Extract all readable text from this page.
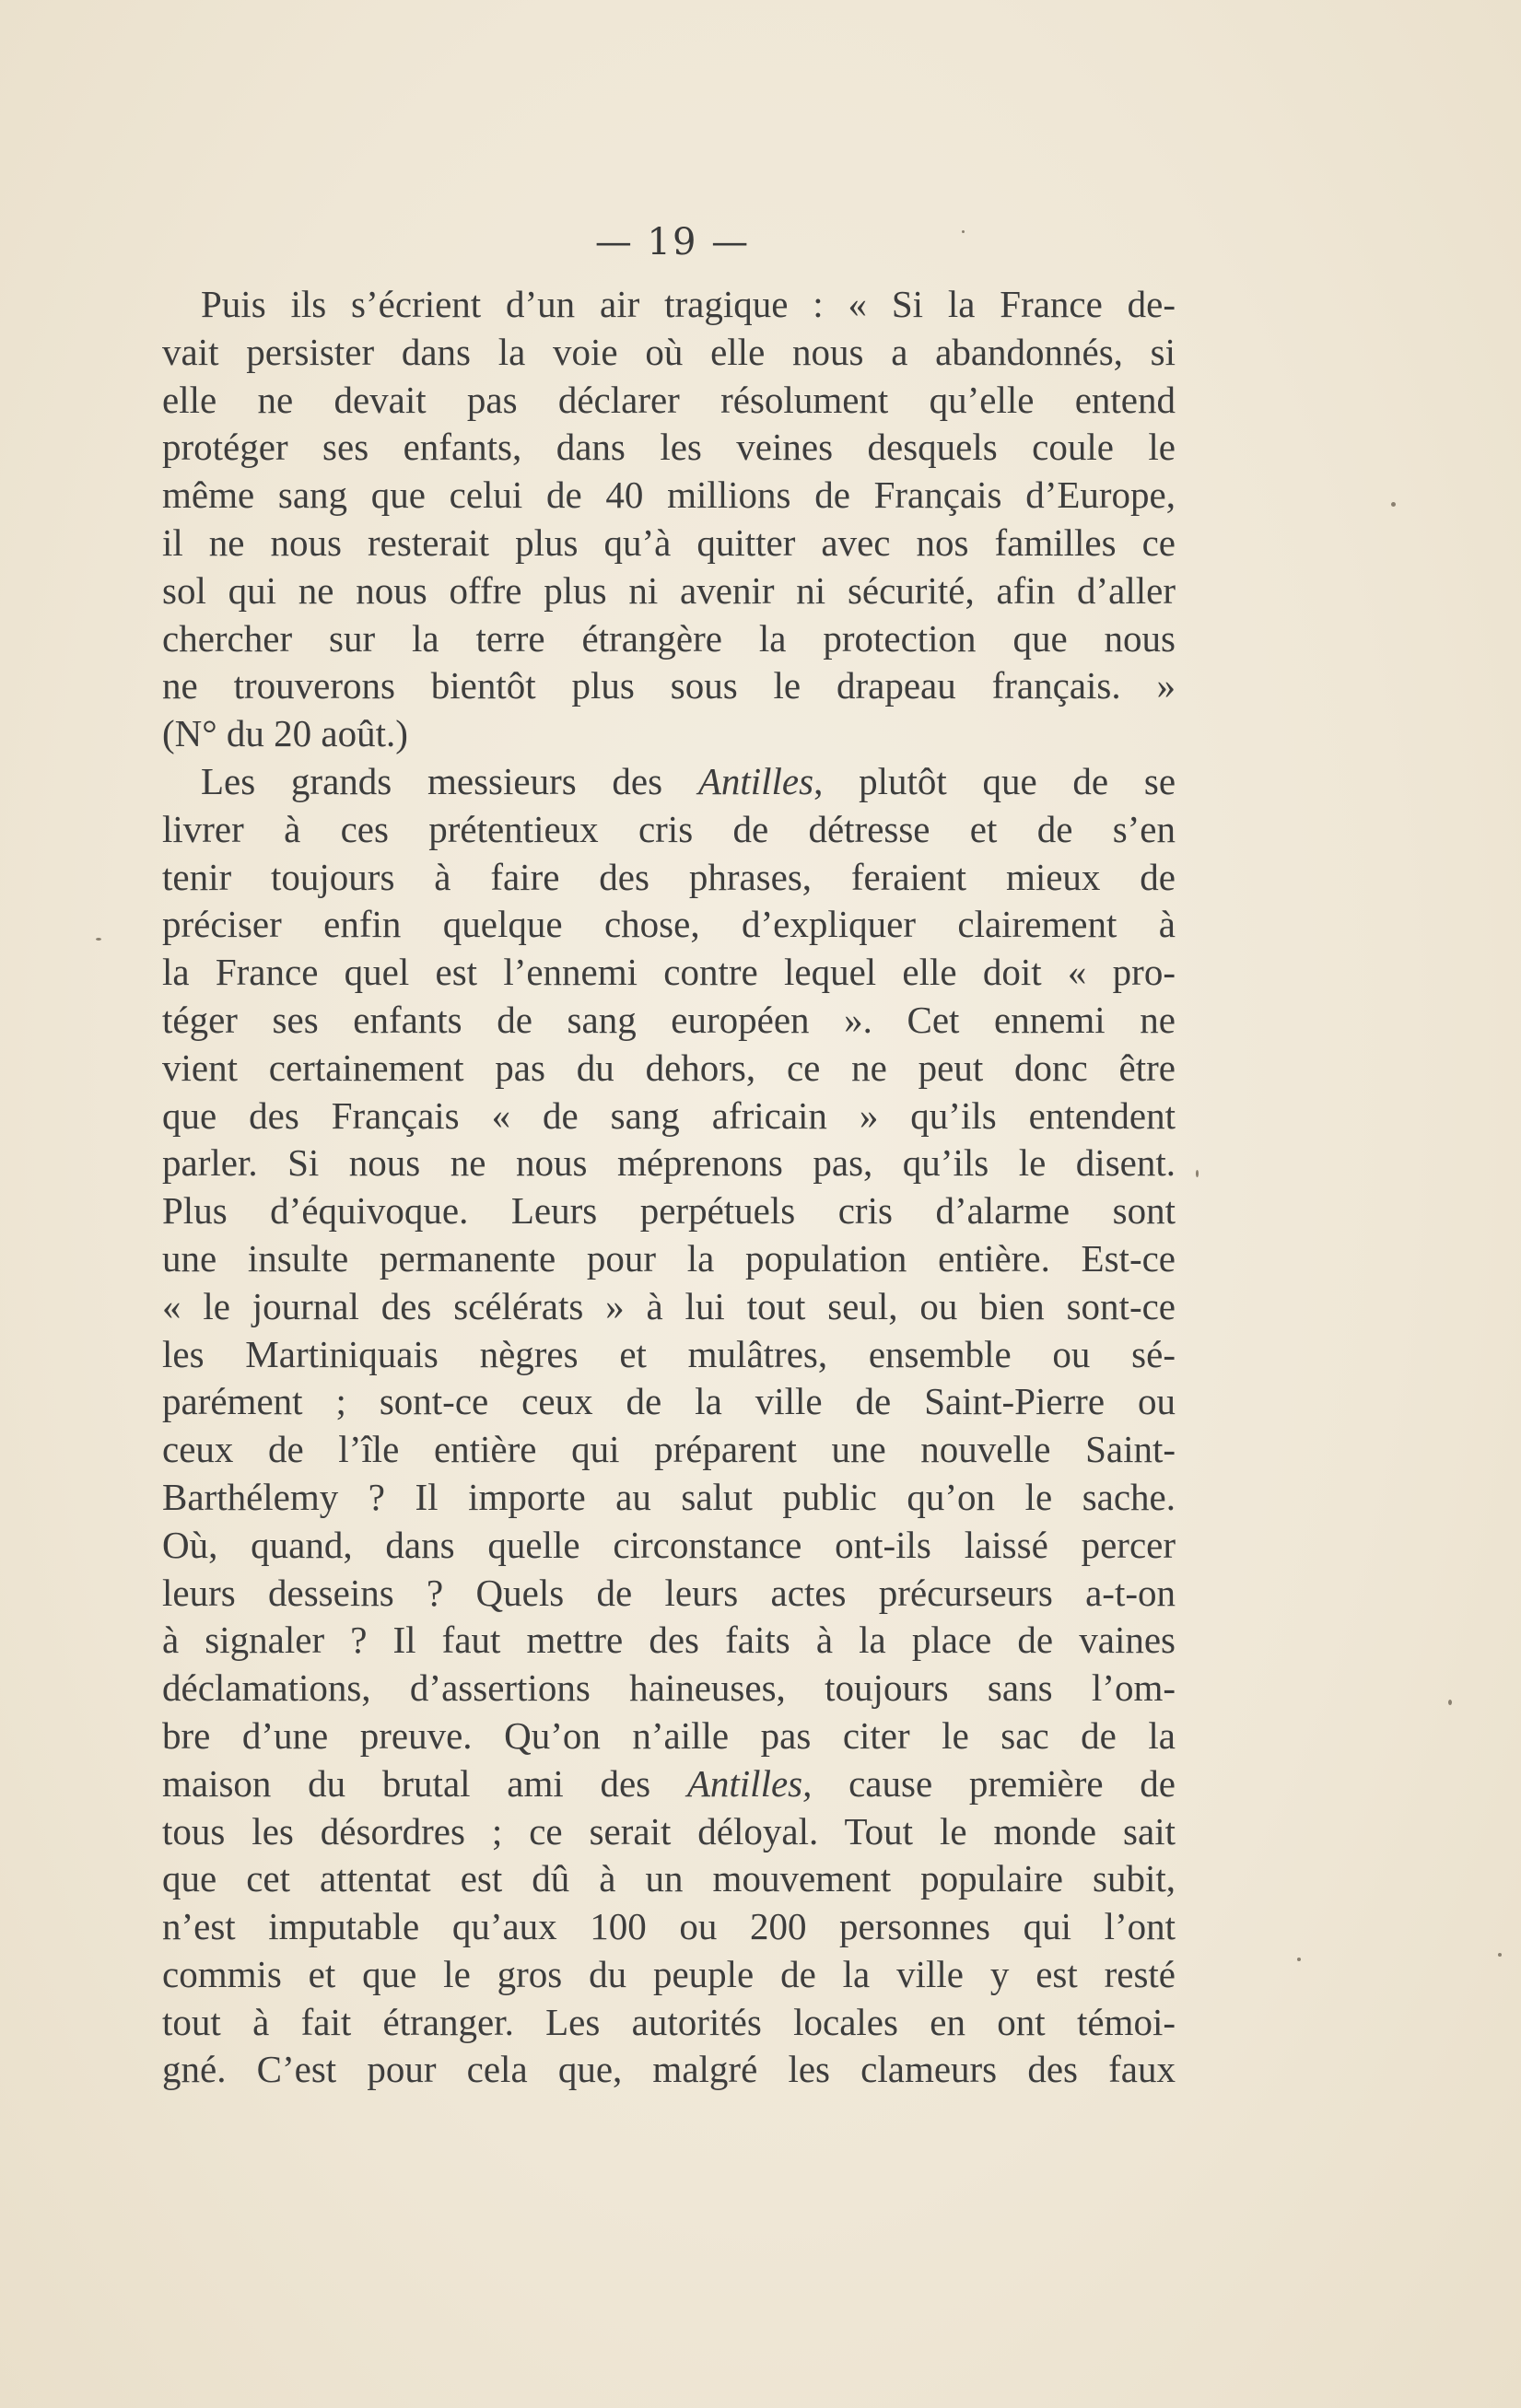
— 19 —
Puis ils s’écrient d’un air tragique : « Si la France de-
vait persister dans la voie où elle nous a abandonnés, si
elle ne devait pas déclarer résolument qu’elle entend
protéger ses enfants, dans les veines desquels coule le
même sang que celui de 40 millions de Français d’Europe,
il ne nous resterait plus qu’à quitter avec nos familles ce
sol qui ne nous offre plus ni avenir ni sécurité, afin d’aller
chercher sur la terre étrangère la protection que nous
ne trouverons bientôt plus sous le drapeau français. »
(N° du 20 août.)
Les grands messieurs des Antilles, plutôt que de se
livrer à ces prétentieux cris de détresse et de s’en
tenir toujours à faire des phrases, feraient mieux de
préciser enfin quelque chose, d’expliquer clairement à
la France quel est l’ennemi contre lequel elle doit « pro-
téger ses enfants de sang européen ». Cet ennemi ne
vient certainement pas du dehors, ce ne peut donc être
que des Français « de sang africain » qu’ils entendent
parler. Si nous ne nous méprenons pas, qu’ils le disent.
Plus d’équivoque. Leurs perpétuels cris d’alarme sont
une insulte permanente pour la population entière. Est-ce
« le journal des scélérats » à lui tout seul, ou bien sont-ce
les Martiniquais nègres et mulâtres, ensemble ou sé-
parément ; sont-ce ceux de la ville de Saint-Pierre ou
ceux de l’île entière qui préparent une nouvelle Saint-
Barthélemy ? Il importe au salut public qu’on le sache.
Où, quand, dans quelle circonstance ont-ils laissé percer
leurs desseins ? Quels de leurs actes précurseurs a-t-on
à signaler ? Il faut mettre des faits à la place de vaines
déclamations, d’assertions haineuses, toujours sans l’om-
bre d’une preuve. Qu’on n’aille pas citer le sac de la
maison du brutal ami des Antilles, cause première de
tous les désordres ; ce serait déloyal. Tout le monde sait
que cet attentat est dû à un mouvement populaire subit,
n’est imputable qu’aux 100 ou 200 personnes qui l’ont
commis et que le gros du peuple de la ville y est resté
tout à fait étranger. Les autorités locales en ont témoi-
gné. C’est pour cela que, malgré les clameurs des faux
